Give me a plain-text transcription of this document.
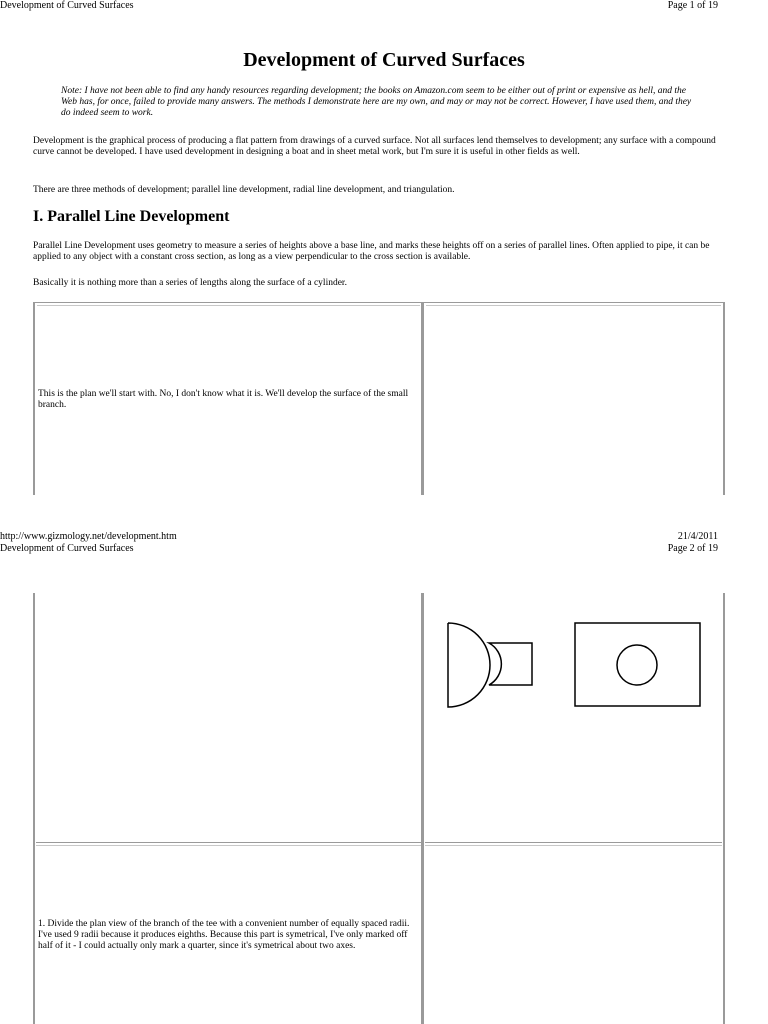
Development of Curved Surfaces	Page 1 of 19
Development of Curved Surfaces
Note: I have not been able to find any handy resources regarding development; the books on Amazon.com seem to be either out of print or expensive as hell, and the Web has, for once, failed to provide many answers. The methods I demonstrate here are my own, and may or may not be correct. However, I have used them, and they do indeed seem to work.
Development is the graphical process of producing a flat pattern from drawings of a curved surface. Not all surfaces lend themselves to development; any surface with a compound curve cannot be developed. I have used development in designing a boat and in sheet metal work, but I'm sure it is useful in other fields as well.
There are three methods of development; parallel line development, radial line development, and triangulation.
I. Parallel Line Development
Parallel Line Development uses geometry to measure a series of heights above a base line, and marks these heights off on a series of parallel lines. Often applied to pipe, it can be applied to any object with a constant cross section, as long as a view perpendicular to the cross section is available.
Basically it is nothing more than a series of lengths along the surface of a cylinder.
This is the plan we'll start with. No, I don't know what it is. We'll develop the surface of the small branch.
http://www.gizmology.net/development.htm	21/4/2011
Development of Curved Surfaces	Page 2 of 19
1. Divide the plan view of the branch of the tee with a convenient number of equally spaced radii. I've used 9 radii because it produces eighths. Because this part is symetrical, I've only marked off half of it - I could actually only mark a quarter, since it's symetrical about two axes.
